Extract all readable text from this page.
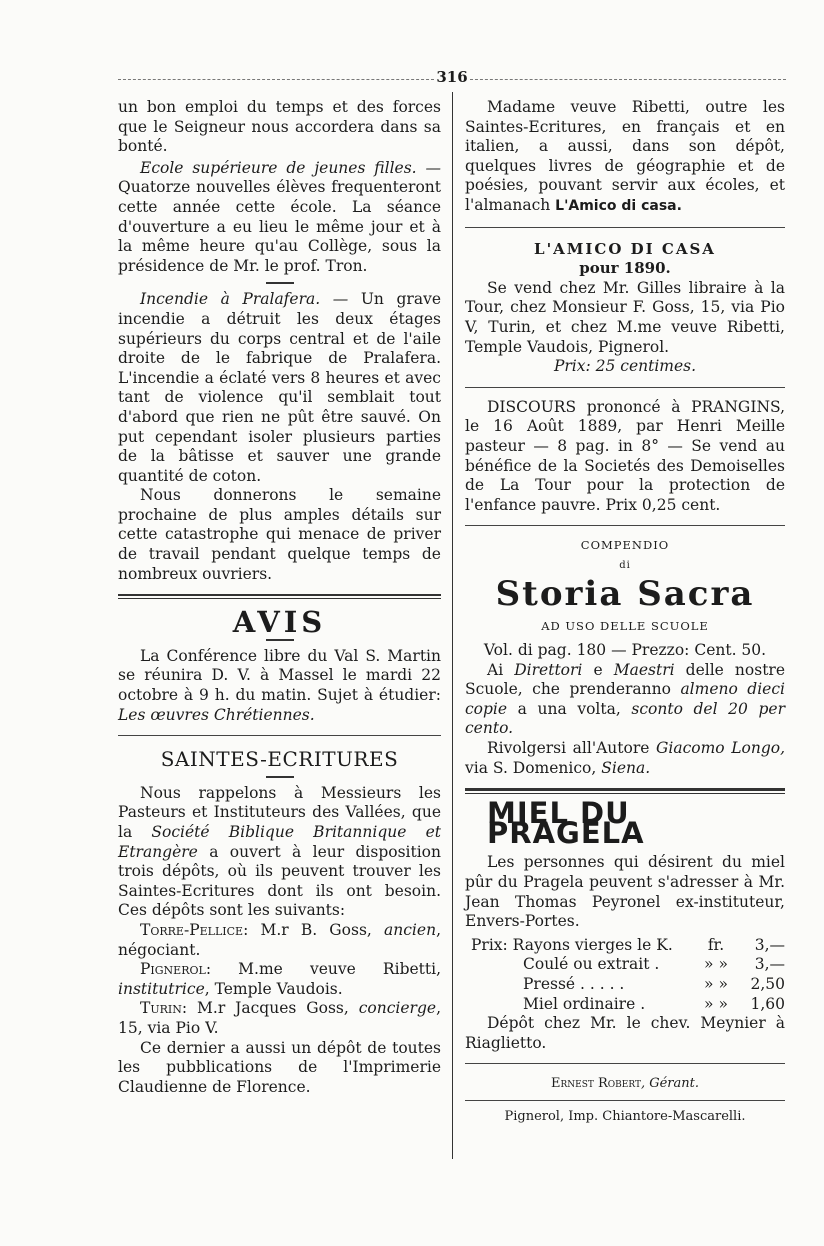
316

un bon emploi du temps et des forces que le Seigneur nous accordera dans sa bonté.

Ecole supérieure de jeunes filles. — Quatorze nouvelles élèves frequenteront cette année cette école. La séance d'ouverture a eu lieu le même jour et à la même heure qu'au Collège, sous la présidence de Mr. le prof. Tron.

Incendie à Pralafera. — Un grave incendie a détruit les deux étages supérieurs du corps central et de l'aile droite de le fabrique de Pralafera. L'incendie a éclaté vers 8 heures et avec tant de violence qu'il semblait tout d'abord que rien ne pût être sauvé. On put cependant isoler plusieurs parties de la bâtisse et sauver une grande quantité de coton.

Nous donnerons le semaine prochaine de plus amples détails sur cette catastrophe qui menace de priver de travail pendant quelque temps de nombreux ouvriers.

AVIS

La Conférence libre du Val S. Martin se réunira D. V. à Massel le mardi 22 octobre à 9 h. du matin. Sujet à étudier: Les œuvres Chrétiennes.

SAINTES-ECRITURES

Nous rappelons à Messieurs les Pasteurs et Instituteurs des Vallées, que la Société Biblique Britannique et Etrangère a ouvert à leur disposition trois dépôts, où ils peuvent trouver les Saintes-Ecritures dont ils ont besoin. Ces dépôts sont les suivants:

Torre-Pellice: M.r B. Goss, ancien, négociant.

Pignerol: M.me veuve Ribetti, institutrice, Temple Vaudois.

Turin: M.r Jacques Goss, concierge, 15, via Pio V.

Ce dernier a aussi un dépôt de toutes les pubblications de l'Imprimerie Claudienne de Florence.

Madame veuve Ribetti, outre les Saintes-Ecritures, en français et en italien, a aussi, dans son dépôt, quelques livres de géographie et de poésies, pouvant servir aux écoles, et l'almanach L'Amico di casa.

L'AMICO DI CASA
pour 1890.

Se vend chez Mr. Gilles libraire à la Tour, chez Monsieur F. Goss, 15, via Pio V, Turin, et chez M.me veuve Ribetti, Temple Vaudois, Pignerol.

Prix: 25 centimes.

DISCOURS prononcé à PRANGINS, le 16 Août 1889, par Henri Meille pasteur — 8 pag. in 8° — Se vend au bénéfice de la Societés des Demoiselles de La Tour pour la protection de l'enfance pauvre. Prix 0,25 cent.

COMPENDIO
di
Storia Sacra
AD USO DELLE SCUOLE

Vol. di pag. 180 — Prezzo: Cent. 50.

Ai Direttori e Maestri delle nostre Scuole, che prenderanno almeno dieci copie a una volta, sconto del 20 per cento.

Rivolgersi all'Autore Giacomo Longo, via S. Domenico, Siena.

MIEL DU PRAGELA

Les personnes qui désirent du miel pûr du Pragela peuvent s'adresser à Mr. Jean Thomas Peyronel ex-instituteur, Envers-Portes.

Prix: Rayons vierges le K.	fr.	3,—
Coulé ou extrait .	» »	3,—
Pressé . . . . .	» »	2,50
Miel ordinaire .	» »	1,60

Dépôt chez Mr. le chev. Meynier à Riaglietto.

Ernest Robert, Gérant.

Pignerol, Imp. Chiantore-Mascarelli.
